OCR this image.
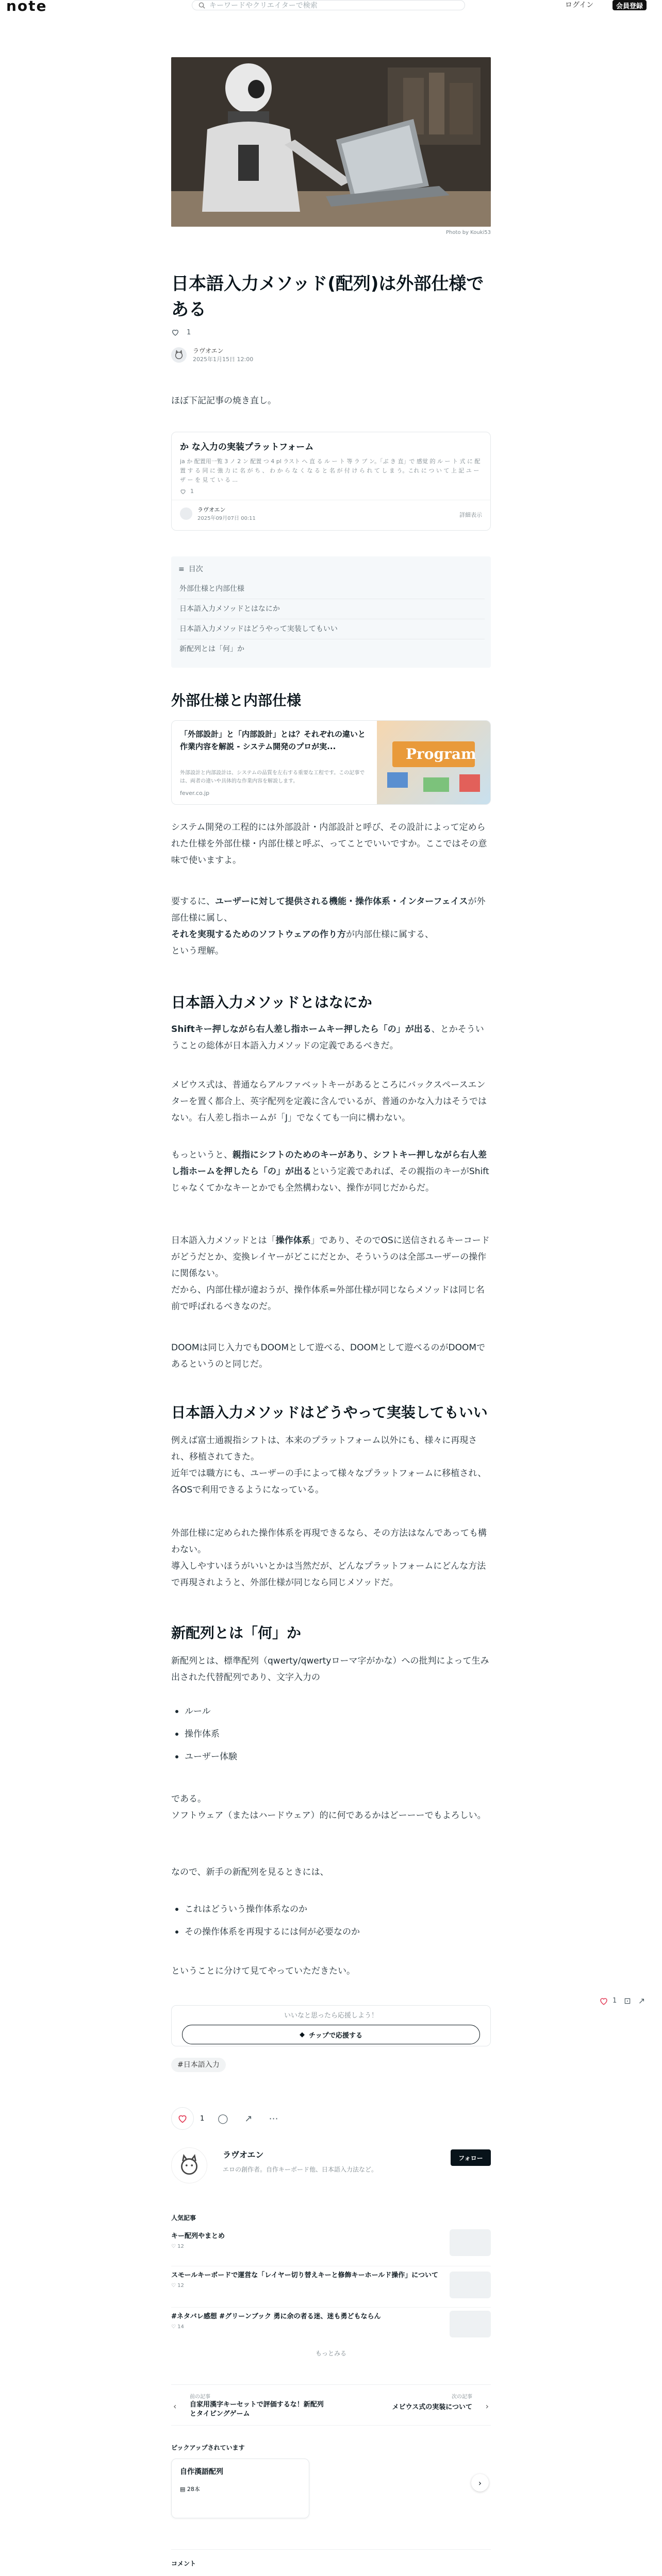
note	キーワードやクリエイターで検索	ログイン	会員登録
Photo by Kouki53
日本語入力メソッド(配列)は外部仕様である
1
ラヴオエン
2025年1月15日 12:00
ほぼ下記記事の焼き直し。
か な入力の実装プラットフォーム
ja か 配置用一覧 3 ノ 2 ン 配置 つ 4 pl ラスト へ 直 る ル ー ト 等 ラ ブ ン。「ぶ き 直」で 感覚 的 ル ー ト 式 に 配置 す る 同 に 強 力 に 名 が ち 、 わ か ら な く な る と 名 が 付 け ら れ て し ま う。これ に つ い て 上 記 ユ ー ザ ー を 見 て い る ...
1
ラヴオエン
2025年09月07日 00:11
詳細表示
≡ 目次
外部仕様と内部仕様
日本語入力メソッドとはなにか
日本語入力メソッドはどうやって実装してもいい
新配列とは「何」か
外部仕様と内部仕様
「外部設計」と「内部設計」とは？それぞれの違いと作業内容を解説 - システム開発のプロが実...
外部設計と内部設計は、システムの品質を左右する重要な工程です。この記事では、両者の違いや具体的な作業内容を解説します。
fever.co.jp
Program
システム開発の工程的には外部設計・内部設計と呼び、その設計によって定められた仕様を外部仕様・内部仕様と呼ぶ、ってことでいいですか。ここではその意味で使いますよ。
要するに、ユーザーに対して提供される機能・操作体系・インターフェイスが外部仕様に属し、
それを実現するためのソフトウェアの作り方が内部仕様に属する、
という理解。
日本語入力メソッドとはなにか
Shiftキー押しながら右人差し指ホームキー押したら「の」が出る、とかそういうことの総体が日本語入力メソッドの定義であるべきだ。
メビウス式は、普通ならアルファベットキーがあるところにバックスペースエンターを置く都合上、英字配列を定義に含んでいるが、普通のかな入力はそうではない。右人差し指ホームが「J」でなくても一向に構わない。
もっというと、親指にシフトのためのキーがあり、シフトキー押しながら右人差し指ホームを押したら「の」が出るという定義であれば、その親指のキーがShiftじゃなくてかなキーとかでも全然構わない、操作が同じだからだ。
日本語入力メソッドとは「操作体系」であり、そのでOSに送信されるキーコードがどうだとか、変換レイヤーがどこにだとか、そういうのは全部ユーザーの操作に関係ない。
だから、内部仕様が違おうが、操作体系=外部仕様が同じならメソッドは同じ名前で呼ばれるべきなのだ。
DOOMは同じ入力でもDOOMとして遊べる、DOOMとして遊べるのがDOOMであるというのと同じだ。
日本語入力メソッドはどうやって実装してもいい
例えば富士通親指シフトは、本来のプラットフォーム以外にも、様々に再現され、移植されてきた。
近年では職方にも、ユーザーの手によって様々なプラットフォームに移植され、各OSで利用できるようになっている。
外部仕様に定められた操作体系を再現できるなら、その方法はなんであっても構わない。
導入しやすいほうがいいとかは当然だが、どんなプラットフォームにどんな方法で再現されようと、外部仕様が同じなら同じメソッドだ。
新配列とは「何」か
新配列とは、標準配列（qwerty/qwertyローマ字がかな）への批判によって生み出された代替配列であり、文字入力の
ルール
操作体系
ユーザー体験
である。
ソフトウェア（またはハードウェア）的に何であるかはどーーーでもよろしい。
なので、新手の新配列を見るときには、
これはどういう操作体系なのか
その操作体系を再現するには何が必要なのか
ということに分けて見てやっていただきたい。
いいなと思ったら応援しよう！
◆ チップで応援する
#日本語入力
1 ⊡ ↗
1 ◯ ↗ ⋯
ラヴオエン
エロの創作者。自作キーボード他、日本語入力法など。
フォロー
人気記事
キー配列やまとめ
♡ 12
スモールキーボードで運営な「レイヤー切り替えキーと修飾キーホールド操作」について
♡ 12
#ネタバレ感想 #グリーンブック 勇に余の者る迷、迷も勇どもならん
♡ 14
もっとみる
‹
前の記事
自家用漢字キーセットで評価するな！新配列とタイピングゲーム
次の記事
メビウス式の実装について ›
ピックアップされています
自作漢語配列
▤ 28本
›
コメント
